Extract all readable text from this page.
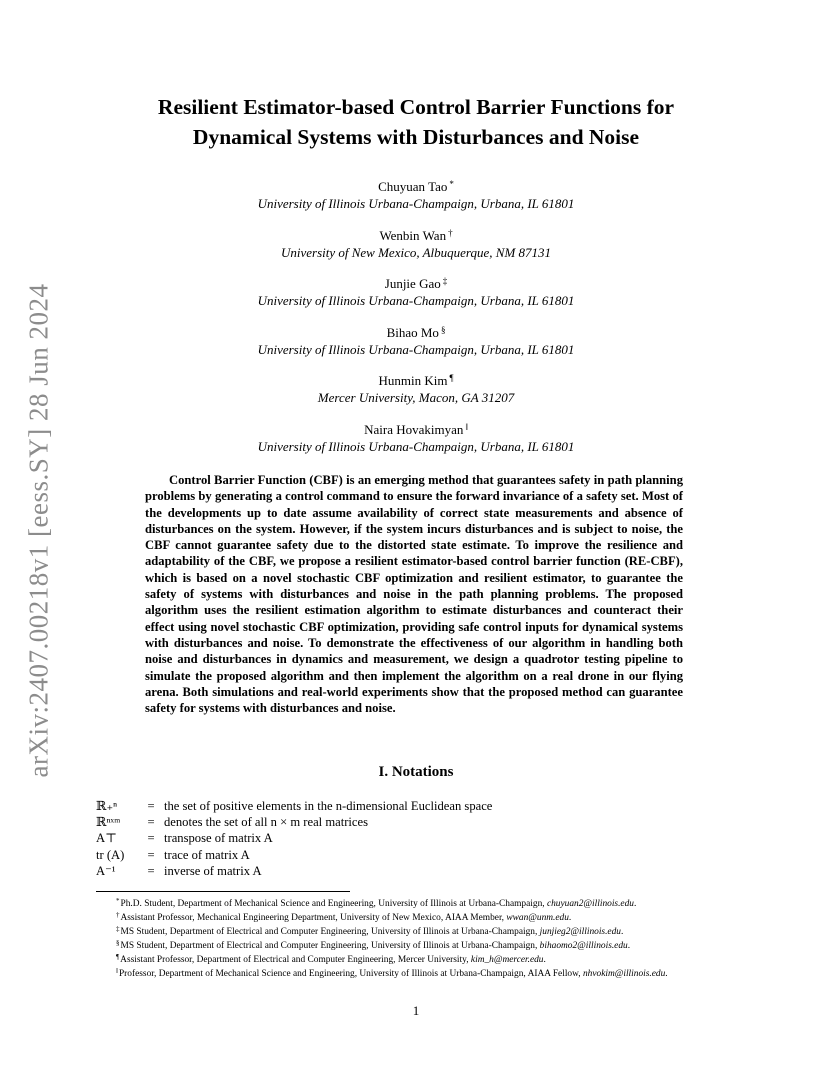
arXiv:2407.00218v1 [eess.SY] 28 Jun 2024
Resilient Estimator-based Control Barrier Functions for
Dynamical Systems with Disturbances and Noise
Chuyuan Tao *
University of Illinois Urbana-Champaign, Urbana, IL 61801
Wenbin Wan †
University of New Mexico, Albuquerque, NM 87131
Junjie Gao ‡
University of Illinois Urbana-Champaign, Urbana, IL 61801
Bihao Mo §
University of Illinois Urbana-Champaign, Urbana, IL 61801
Hunmin Kim ¶
Mercer University, Macon, GA 31207
Naira Hovakimyan ‖
University of Illinois Urbana-Champaign, Urbana, IL 61801

Control Barrier Function (CBF) is an emerging method that guarantees safety in path planning problems by generating a control command to ensure the forward invariance of a safety set. Most of the developments up to date assume availability of correct state measurements and absence of disturbances on the system. However, if the system incurs disturbances and is subject to noise, the CBF cannot guarantee safety due to the distorted state estimate. To improve the resilience and adaptability of the CBF, we propose a resilient estimator-based control barrier function (RE-CBF), which is based on a novel stochastic CBF optimization and resilient estimator, to guarantee the safety of systems with disturbances and noise in the path planning problems. The proposed algorithm uses the resilient estimation algorithm to estimate disturbances and counteract their effect using novel stochastic CBF optimization, providing safe control inputs for dynamical systems with disturbances and noise. To demonstrate the effectiveness of our algorithm in handling both noise and disturbances in dynamics and measurement, we design a quadrotor testing pipeline to simulate the proposed algorithm and then implement the algorithm on a real drone in our flying arena. Both simulations and real-world experiments show that the proposed method can guarantee safety for systems with disturbances and noise.

I. Notations
ℝ₊ⁿ	=	the set of positive elements in the n-dimensional Euclidean space
ℝⁿˣᵐ	=	denotes the set of all n × m real matrices
A⊤	=	transpose of matrix A
tr (A)	=	trace of matrix A
A⁻¹	=	inverse of matrix A
*Ph.D. Student, Department of Mechanical Science and Engineering, University of Illinois at Urbana-Champaign, chuyuan2@illinois.edu.
†Assistant Professor, Mechanical Engineering Department, University of New Mexico, AIAA Member, wwan@unm.edu.
‡MS Student, Department of Electrical and Computer Engineering, University of Illinois at Urbana-Champaign, junjieg2@illinois.edu.
§MS Student, Department of Electrical and Computer Engineering, University of Illinois at Urbana-Champaign, bihaomo2@illinois.edu.
¶Assistant Professor, Department of Electrical and Computer Engineering, Mercer University, kim_h@mercer.edu.
‖Professor, Department of Mechanical Science and Engineering, University of Illinois at Urbana-Champaign, AIAA Fellow, nhvokim@illinois.edu.
1
